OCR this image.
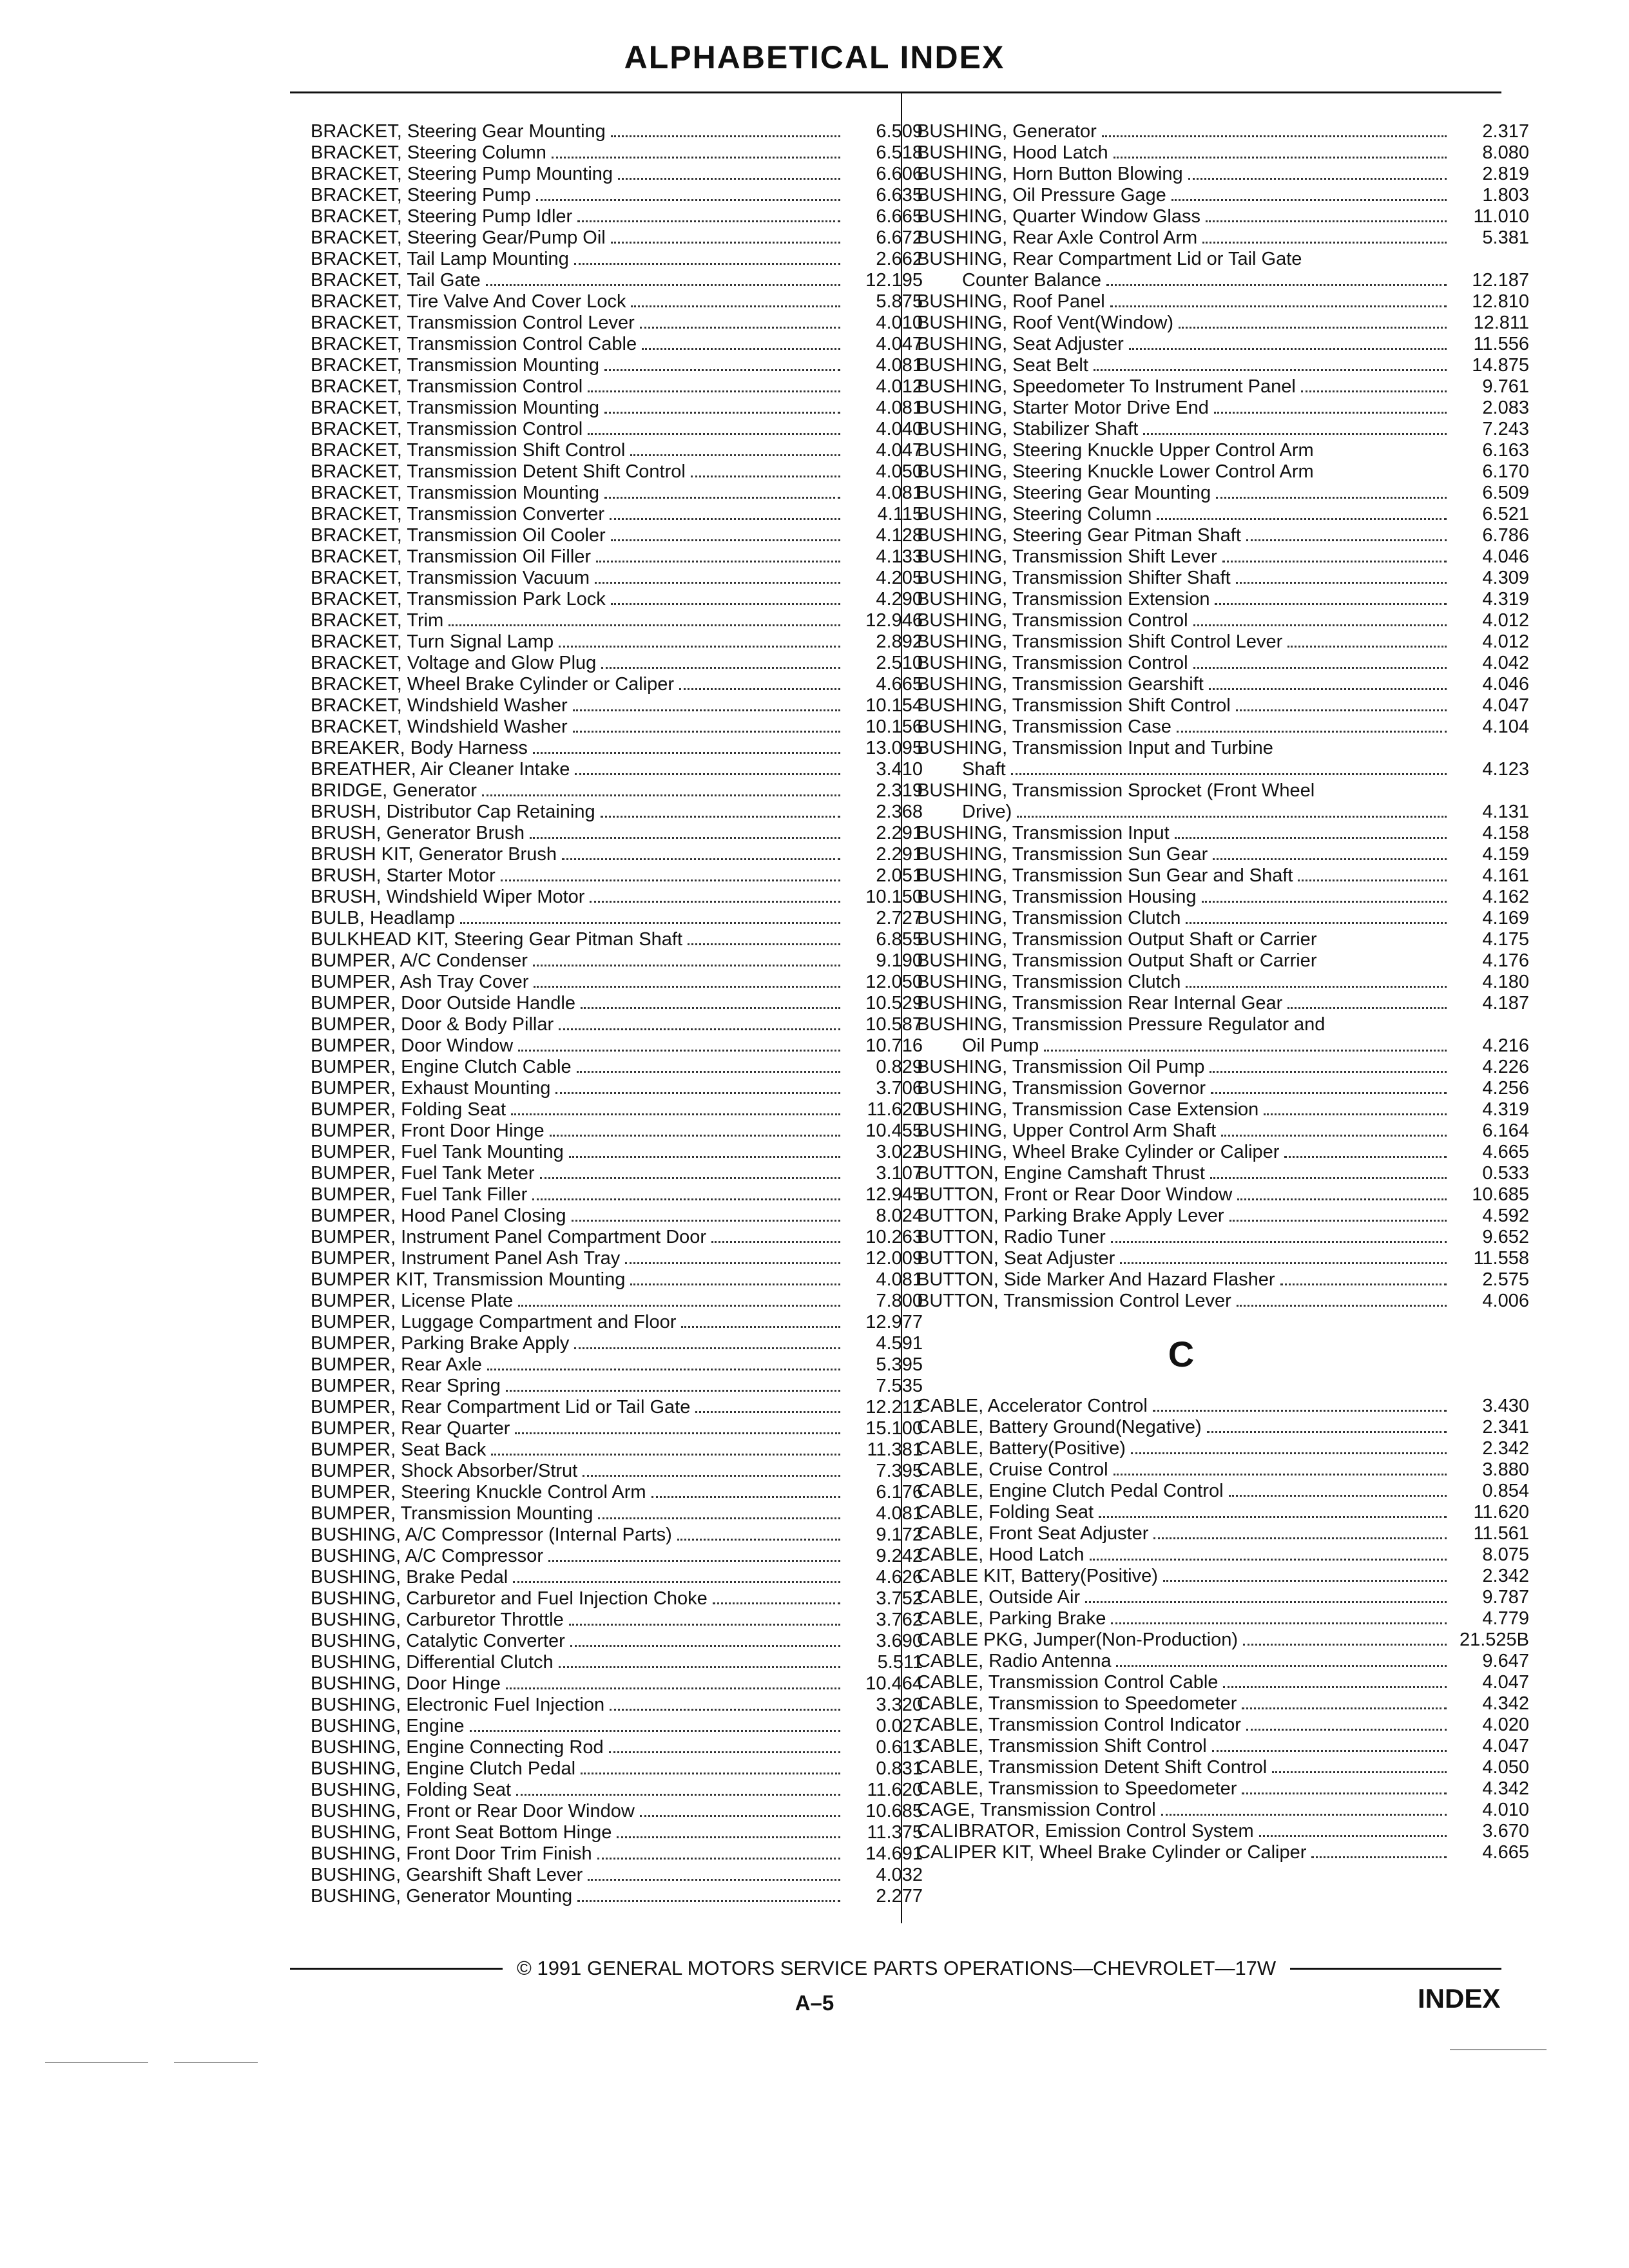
ALPHABETICAL INDEX
BRACKET, Steering Gear Mounting	6.509
BRACKET, Steering Column	6.518
BRACKET, Steering Pump Mounting	6.606
BRACKET, Steering Pump	6.635
BRACKET, Steering Pump Idler	6.665
BRACKET, Steering Gear/Pump Oil	6.672
BRACKET, Tail Lamp Mounting	2.662
BRACKET, Tail Gate	12.195
BRACKET, Tire Valve And Cover Lock	5.875
BRACKET, Transmission Control Lever	4.010
BRACKET, Transmission Control Cable	4.047
BRACKET, Transmission Mounting	4.081
BRACKET, Transmission Control	4.012
BRACKET, Transmission Mounting	4.081
BRACKET, Transmission Control	4.040
BRACKET, Transmission Shift Control	4.047
BRACKET, Transmission Detent Shift Control	4.050
BRACKET, Transmission Mounting	4.081
BRACKET, Transmission Converter	4.115
BRACKET, Transmission Oil Cooler	4.128
BRACKET, Transmission Oil Filler	4.133
BRACKET, Transmission Vacuum	4.205
BRACKET, Transmission Park Lock	4.290
BRACKET, Trim	12.946
BRACKET, Turn Signal Lamp	2.892
BRACKET, Voltage and Glow Plug	2.510
BRACKET, Wheel Brake Cylinder or Caliper	4.665
BRACKET, Windshield Washer	10.154
BRACKET, Windshield Washer	10.156
BREAKER, Body Harness	13.095
BREATHER, Air Cleaner Intake	3.410
BRIDGE, Generator	2.319
BRUSH, Distributor Cap Retaining	2.368
BRUSH, Generator Brush	2.291
BRUSH KIT, Generator Brush	2.291
BRUSH, Starter Motor	2.051
BRUSH, Windshield Wiper Motor	10.150
BULB, Headlamp	2.727
BULKHEAD KIT, Steering Gear Pitman Shaft	6.855
BUMPER, A/C Condenser	9.190
BUMPER, Ash Tray Cover	12.050
BUMPER, Door Outside Handle	10.529
BUMPER, Door & Body Pillar	10.587
BUMPER, Door Window	10.716
BUMPER, Engine Clutch Cable	0.829
BUMPER, Exhaust Mounting	3.706
BUMPER, Folding Seat	11.620
BUMPER, Front Door Hinge	10.455
BUMPER, Fuel Tank Mounting	3.022
BUMPER, Fuel Tank Meter	3.107
BUMPER, Fuel Tank Filler	12.945
BUMPER, Hood Panel Closing	8.024
BUMPER, Instrument Panel Compartment Door	10.263
BUMPER, Instrument Panel Ash Tray	12.009
BUMPER KIT, Transmission Mounting	4.081
BUMPER, License Plate	7.800
BUMPER, Luggage Compartment and Floor	12.977
BUMPER, Parking Brake Apply	4.591
BUMPER, Rear Axle	5.395
BUMPER, Rear Spring	7.535
BUMPER, Rear Compartment Lid or Tail Gate	12.212
BUMPER, Rear Quarter	15.100
BUMPER, Seat Back	11.381
BUMPER, Shock Absorber/Strut	7.395
BUMPER, Steering Knuckle Control Arm	6.176
BUMPER, Transmission Mounting	4.081
BUSHING, A/C Compressor (Internal Parts)	9.172
BUSHING, A/C Compressor	9.242
BUSHING, Brake Pedal	4.626
BUSHING, Carburetor and Fuel Injection Choke	3.752
BUSHING, Carburetor Throttle	3.762
BUSHING, Catalytic Converter	3.690
BUSHING, Differential Clutch	5.511
BUSHING, Door Hinge	10.464
BUSHING, Electronic Fuel Injection	3.320
BUSHING, Engine	0.027
BUSHING, Engine Connecting Rod	0.613
BUSHING, Engine Clutch Pedal	0.831
BUSHING, Folding Seat	11.620
BUSHING, Front or Rear Door Window	10.685
BUSHING, Front Seat Bottom Hinge	11.375
BUSHING, Front Door Trim Finish	14.691
BUSHING, Gearshift Shaft Lever	4.032
BUSHING, Generator Mounting	2.277
BUSHING, Generator	2.317
BUSHING, Hood Latch	8.080
BUSHING, Horn Button Blowing	2.819
BUSHING, Oil Pressure Gage	1.803
BUSHING, Quarter Window Glass	11.010
BUSHING, Rear Axle Control Arm	5.381
BUSHING, Rear Compartment Lid or Tail Gate
Counter Balance	12.187
BUSHING, Roof Panel	12.810
BUSHING, Roof Vent(Window)	12.811
BUSHING, Seat Adjuster	11.556
BUSHING, Seat Belt	14.875
BUSHING, Speedometer To Instrument Panel	9.761
BUSHING, Starter Motor Drive End	2.083
BUSHING, Stabilizer Shaft	7.243
BUSHING, Steering Knuckle Upper Control Arm	6.163
BUSHING, Steering Knuckle Lower Control Arm	6.170
BUSHING, Steering Gear Mounting	6.509
BUSHING, Steering Column	6.521
BUSHING, Steering Gear Pitman Shaft	6.786
BUSHING, Transmission Shift Lever	4.046
BUSHING, Transmission Shifter Shaft	4.309
BUSHING, Transmission Extension	4.319
BUSHING, Transmission Control	4.012
BUSHING, Transmission Shift Control Lever	4.012
BUSHING, Transmission Control	4.042
BUSHING, Transmission Gearshift	4.046
BUSHING, Transmission Shift Control	4.047
BUSHING, Transmission Case	4.104
BUSHING, Transmission Input and Turbine
Shaft	4.123
BUSHING, Transmission Sprocket (Front Wheel
Drive)	4.131
BUSHING, Transmission Input	4.158
BUSHING, Transmission Sun Gear	4.159
BUSHING, Transmission Sun Gear and Shaft	4.161
BUSHING, Transmission Housing	4.162
BUSHING, Transmission Clutch	4.169
BUSHING, Transmission Output Shaft or Carrier	4.175
BUSHING, Transmission Output Shaft or Carrier	4.176
BUSHING, Transmission Clutch	4.180
BUSHING, Transmission Rear Internal Gear	4.187
BUSHING, Transmission Pressure Regulator and
Oil Pump	4.216
BUSHING, Transmission Oil Pump	4.226
BUSHING, Transmission Governor	4.256
BUSHING, Transmission Case Extension	4.319
BUSHING, Upper Control Arm Shaft	6.164
BUSHING, Wheel Brake Cylinder or Caliper	4.665
BUTTON, Engine Camshaft Thrust	0.533
BUTTON, Front or Rear Door Window	10.685
BUTTON, Parking Brake Apply Lever	4.592
BUTTON, Radio Tuner	9.652
BUTTON, Seat Adjuster	11.558
BUTTON, Side Marker And Hazard Flasher	2.575
BUTTON, Transmission Control Lever	4.006
C
CABLE, Accelerator Control	3.430
CABLE, Battery Ground(Negative)	2.341
CABLE, Battery(Positive)	2.342
CABLE, Cruise Control	3.880
CABLE, Engine Clutch Pedal Control	0.854
CABLE, Folding Seat	11.620
CABLE, Front Seat Adjuster	11.561
CABLE, Hood Latch	8.075
CABLE KIT, Battery(Positive)	2.342
CABLE, Outside Air	9.787
CABLE, Parking Brake	4.779
CABLE PKG, Jumper(Non-Production)	21.525B
CABLE, Radio Antenna	9.647
CABLE, Transmission Control Cable	4.047
CABLE, Transmission to Speedometer	4.342
CABLE, Transmission Control Indicator	4.020
CABLE, Transmission Shift Control	4.047
CABLE, Transmission Detent Shift Control	4.050
CABLE, Transmission to Speedometer	4.342
CAGE, Transmission Control	4.010
CALIBRATOR, Emission Control System	3.670
CALIPER KIT, Wheel Brake Cylinder or Caliper	4.665
© 1991 GENERAL MOTORS SERVICE PARTS OPERATIONS—CHEVROLET—17W
A–5	INDEX
